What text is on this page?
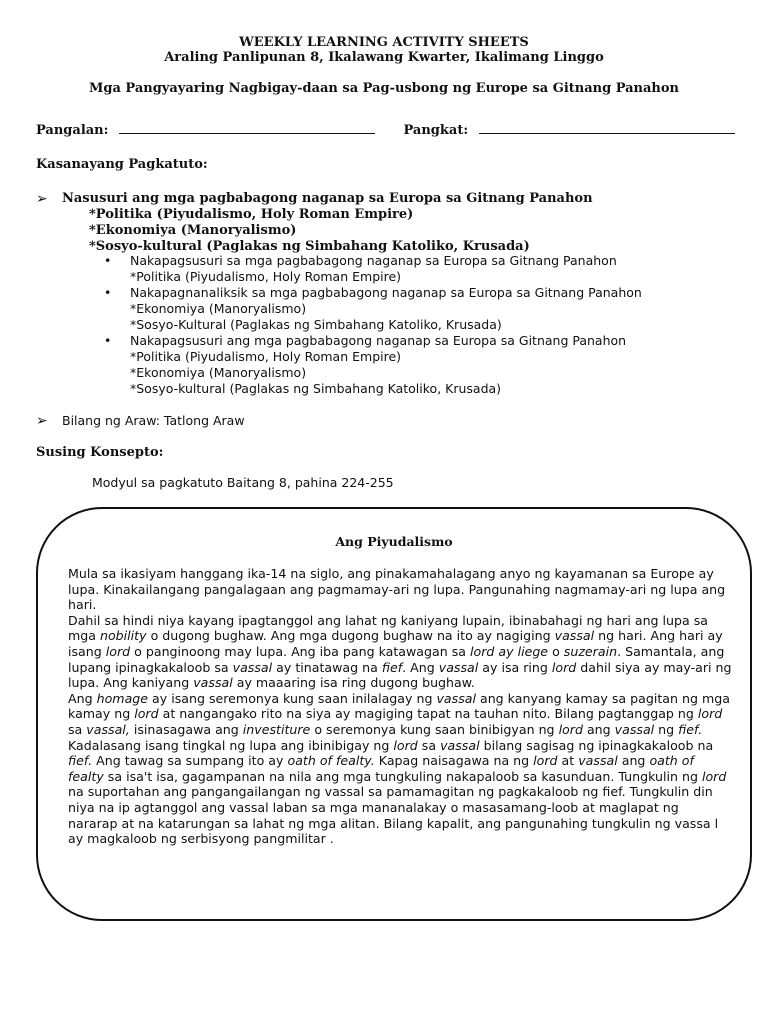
WEEKLY LEARNING ACTIVITY SHEETS
Araling Panlipunan 8, Ikalawang Kwarter, Ikalimang Linggo
Mga Pangyayaring Nagbigay-daan sa Pag-usbong ng Europe sa Gitnang Panahon
Pangalan:	Pangkat:
Kasanayang Pagkatuto:
➢ Nasusuri ang mga pagbabagong naganap sa Europa sa Gitnang Panahon
*Politika (Piyudalismo, Holy Roman Empire)
*Ekonomiya (Manoryalismo)
*Sosyo-kultural (Paglakas ng Simbahang Katoliko, Krusada)
• Nakapagsusuri sa mga pagbabagong naganap sa Europa sa Gitnang Panahon
*Politika (Piyudalismo, Holy Roman Empire)
• Nakapagnanaliksik sa mga pagbabagong naganap sa Europa sa Gitnang Panahon
*Ekonomiya (Manoryalismo)
*Sosyo-Kultural (Paglakas ng Simbahang Katoliko, Krusada)
• Nakapagsusuri ang mga pagbabagong naganap sa Europa sa Gitnang Panahon
*Politika (Piyudalismo, Holy Roman Empire)
*Ekonomiya (Manoryalismo)
*Sosyo-kultural (Paglakas ng Simbahang Katoliko, Krusada)
➢ Bilang ng Araw: Tatlong Araw
Susing Konsepto:
Modyul sa pagkatuto Baitang 8, pahina 224-255
Ang Piyudalismo

Mula sa ikasiyam hanggang ika-14 na siglo, ang pinakamahalagang anyo ng kayamanan sa Europe ay lupa. Kinakailangang pangalagaan ang pagmamay-ari ng lupa. Pangunahing nagmamay-ari ng lupa ang hari.

Dahil sa hindi niya kayang ipagtanggol ang lahat ng kaniyang lupain, ibinabahagi ng hari ang lupa sa mga nobility o dugong bughaw. Ang mga dugong bughaw na ito ay nagiging vassal ng hari. Ang hari ay isang lord o panginoong may lupa. Ang iba pang katawagan sa lord ay liege o suzerain. Samantala, ang lupang ipinagkakaloob sa vassal ay tinatawag na fief. Ang vassal ay isa ring lord dahil siya ay may-ari ng lupa. Ang kaniyang vassal ay maaaring isa ring dugong bughaw.

Ang homage ay isang seremonya kung saan inilalagay ng vassal ang kanyang kamay sa pagitan ng mga kamay ng lord at nangangako rito na siya ay magiging tapat na tauhan nito. Bilang pagtanggap ng lord sa vassal, isinasagawa ang investiture o seremonya kung saan binibigyan ng lord ang vassal ng fief. Kadalasang isang tingkal ng lupa ang ibinibigay ng lord sa vassal bilang sagisag ng ipinagkakaloob na fief. Ang tawag sa sumpang ito ay oath of fealty. Kapag naisagawa na ng lord at vassal ang oath of fealty sa isa't isa, gagampanan na nila ang mga tungkuling nakapaloob sa kasunduan. Tungkulin ng lord na suportahan ang pangangailangan ng vassal sa pamamagitan ng pagkakaloob ng fief. Tungkulin din niya na ip agtanggol ang vassal laban sa mga mananalakay o masasamang-loob at maglapat ng nararap at na katarungan sa lahat ng mga alitan. Bilang kapalit, ang pangunahing tungkulin ng vassa l ay magkaloob ng serbisyong pangmilitar .
